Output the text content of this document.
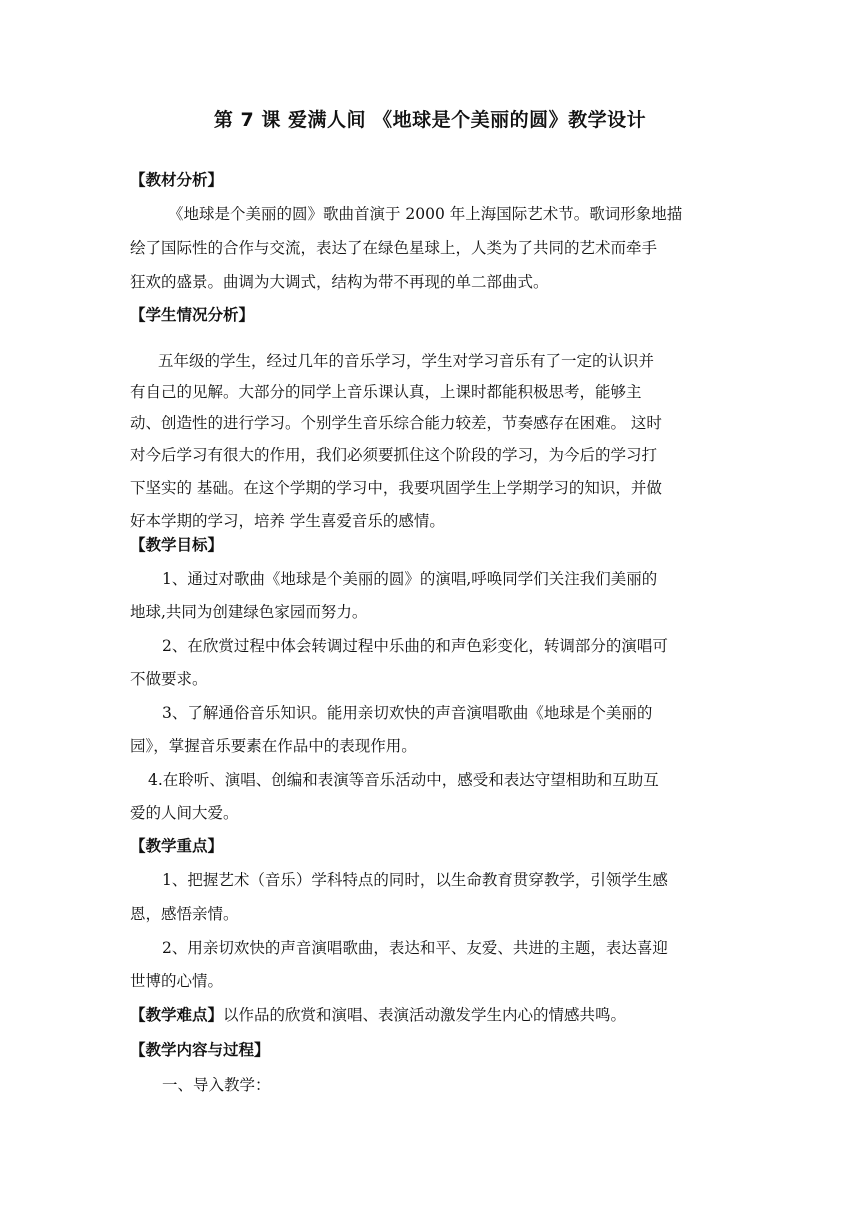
第 7 课 爱满人间 《地球是个美丽的圆》教学设计
【教材分析】
《地球是个美丽的圆》歌曲首演于 2000 年上海国际艺术节。歌词形象地描
绘了国际性的合作与交流，表达了在绿色星球上，人类为了共同的艺术而牵手
狂欢的盛景。曲调为大调式，结构为带不再现的单二部曲式。
【学生情况分析】
五年级的学生，经过几年的音乐学习，学生对学习音乐有了一定的认识并
有自己的见解。大部分的同学上音乐课认真，上课时都能积极思考，能够主
动、创造性的进行学习。个别学生音乐综合能力较差，节奏感存在困难。 这时
对今后学习有很大的作用，我们必须要抓住这个阶段的学习，为今后的学习打
下坚实的 基础。在这个学期的学习中，我要巩固学生上学期学习的知识，并做
好本学期的学习，培养 学生喜爱音乐的感情。
【教学目标】
1、通过对歌曲《地球是个美丽的圆》的演唱,呼唤同学们关注我们美丽的
地球,共同为创建绿色家园而努力。
2、在欣赏过程中体会转调过程中乐曲的和声色彩变化，转调部分的演唱可
不做要求。
3、了解通俗音乐知识。能用亲切欢快的声音演唱歌曲《地球是个美丽的
园》，掌握音乐要素在作品中的表现作用。
4.在聆听、演唱、创编和表演等音乐活动中，感受和表达守望相助和互助互
爱的人间大爱。
【教学重点】
1、把握艺术（音乐）学科特点的同时，以生命教育贯穿教学，引领学生感
恩，感悟亲情。
2、用亲切欢快的声音演唱歌曲，表达和平、友爱、共进的主题，表达喜迎
世博的心情。
【教学难点】以作品的欣赏和演唱、表演活动激发学生内心的情感共鸣。
【教学内容与过程】
一、导入教学：
